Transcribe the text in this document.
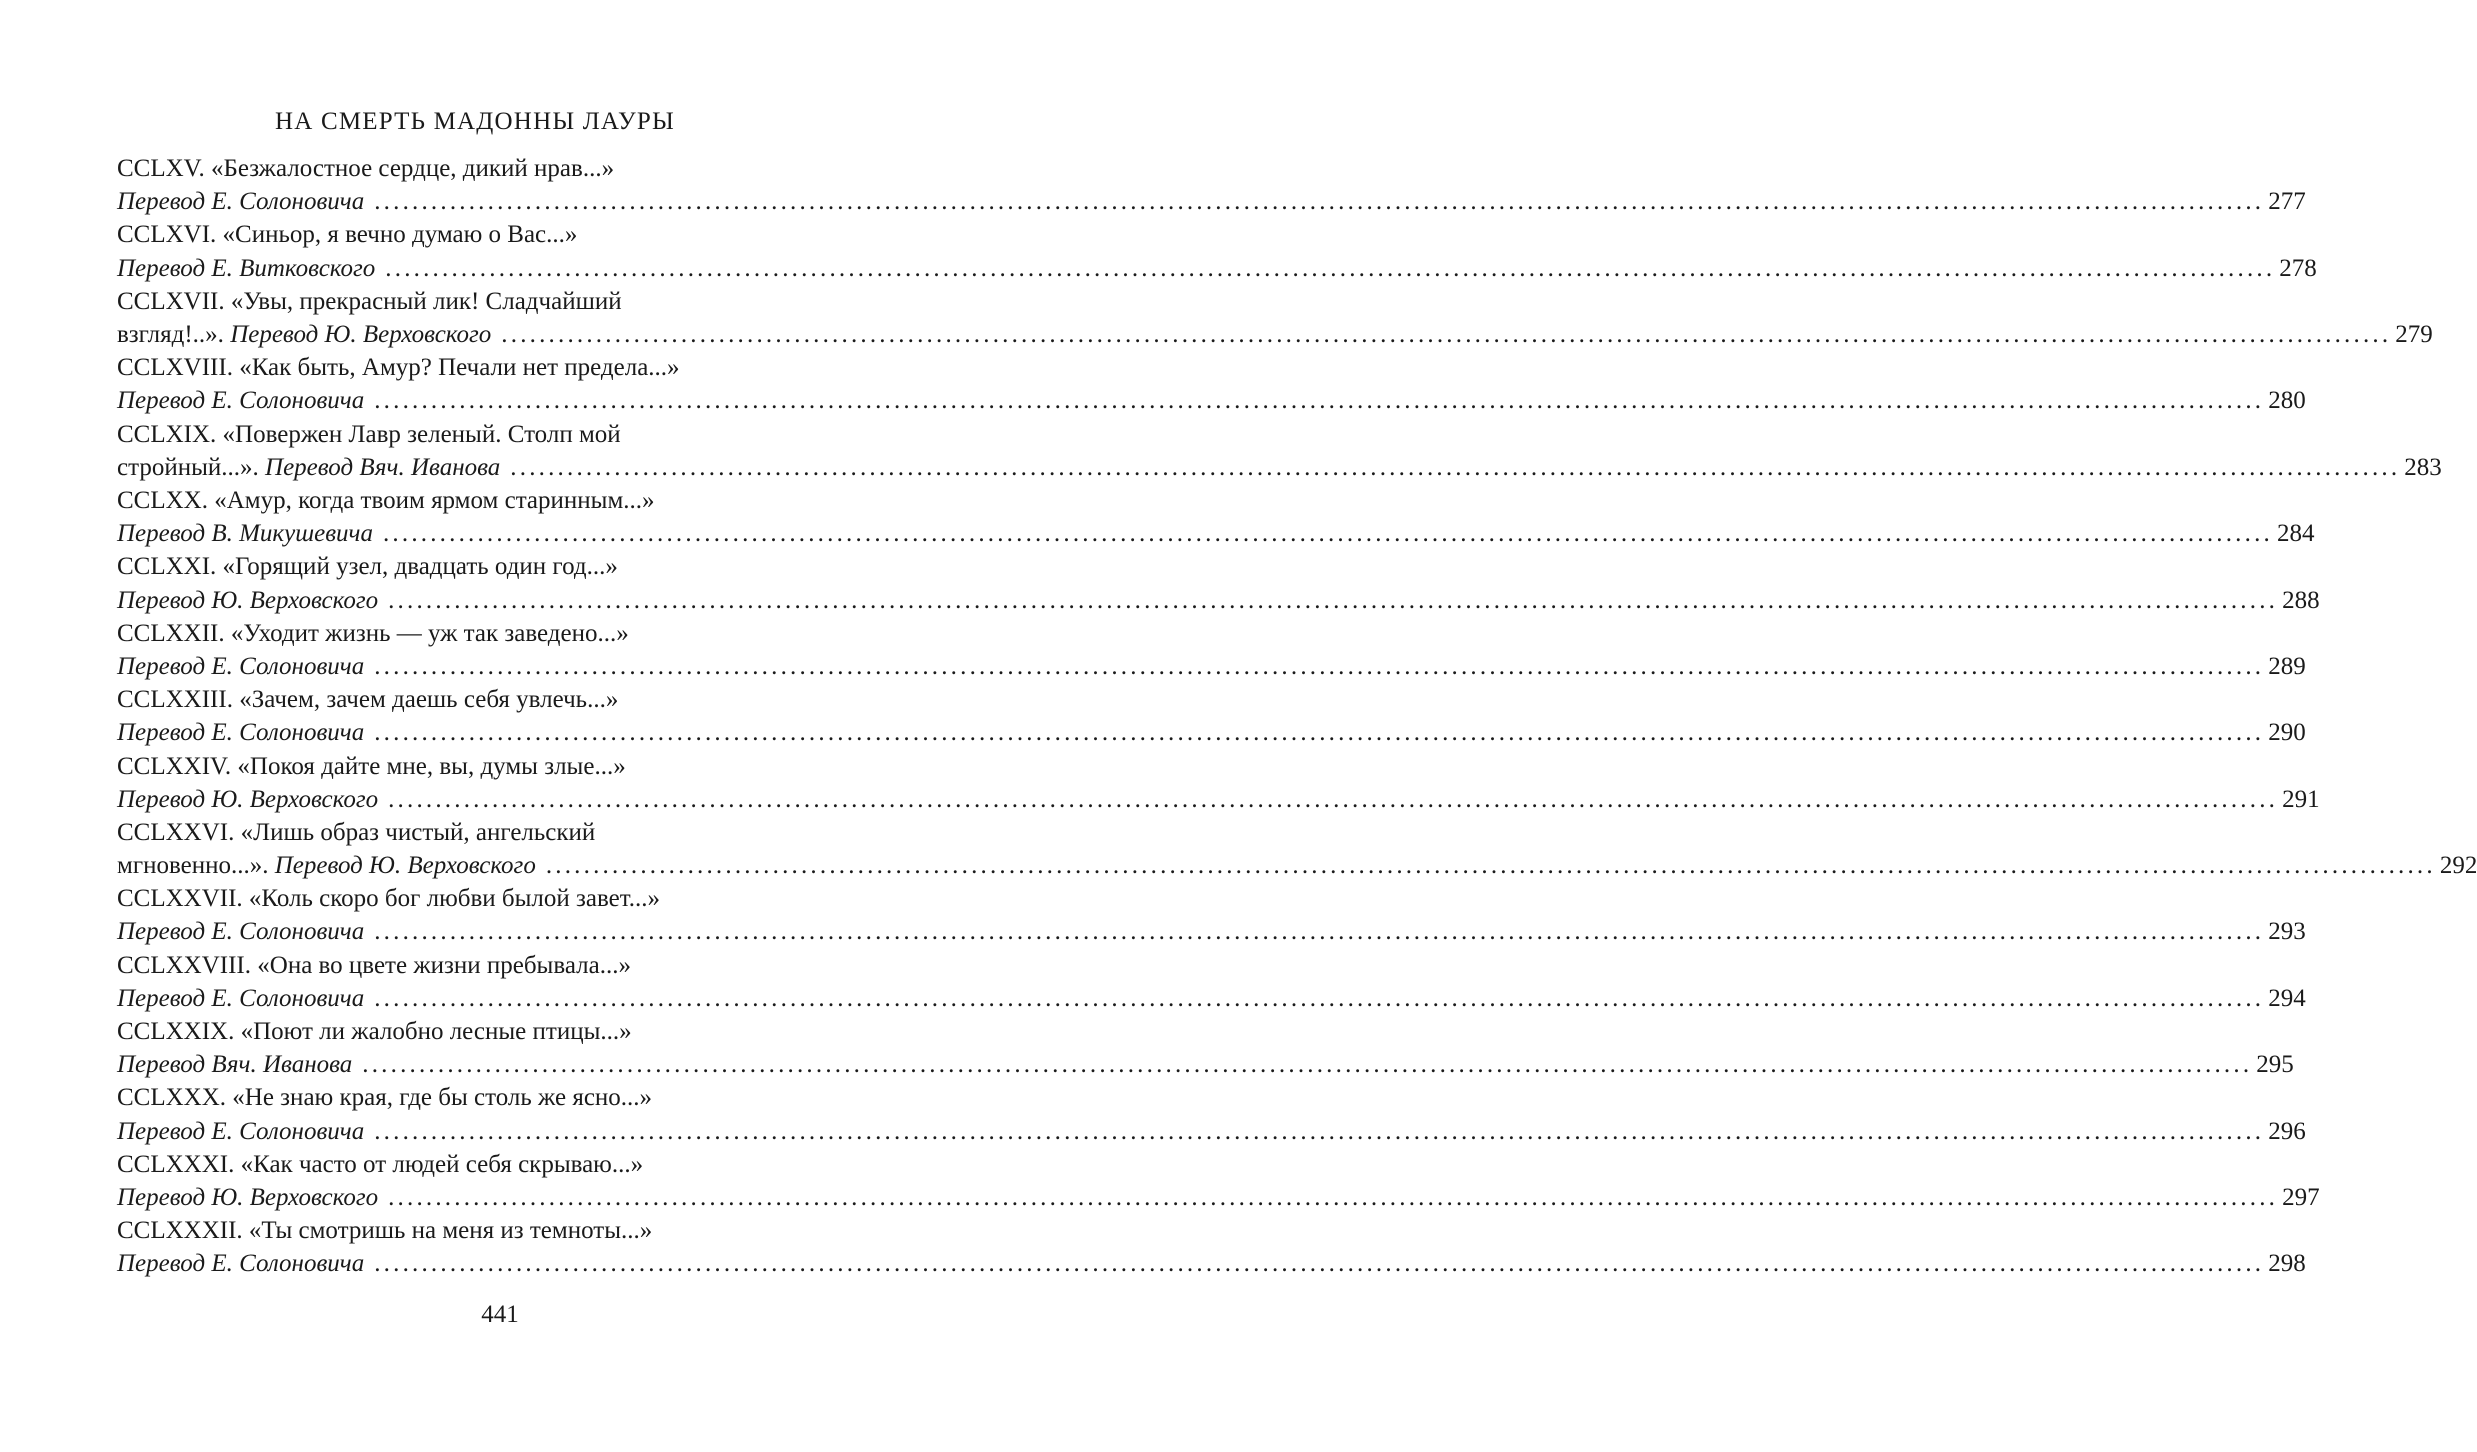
НА СМЕРТЬ МАДОННЫ ЛАУРЫ
CCLXV. «Безжалостное сердце, дикий нрав...»
Перевод Е. Солоновича ........................................................................................................................................................................................................ 277
CCLXVI. «Синьор, я вечно думаю о Вас...»
Перевод Е. Витковского ........................................................................................................................................................................................................ 278
CCLXVII. «Увы, прекрасный лик! Сладчайший
взгляд!..».
Перевод Ю. Верховского ........................................................................................................................................................................................................ 279
CCLXVIII. «Как быть, Амур? Печали нет предела...»
Перевод Е. Солоновича ........................................................................................................................................................................................................ 280
CCLXIX. «Повержен Лавр зеленый. Столп мой
стройный...».
Перевод Вяч. Иванова ........................................................................................................................................................................................................ 283
CCLXX. «Амур, когда твоим ярмом старинным...»
Перевод В. Микушевича ........................................................................................................................................................................................................ 284
CCLXXI. «Горящий узел, двадцать один год...»
Перевод Ю. Верховского ........................................................................................................................................................................................................ 288
CCLXXII. «Уходит жизнь — уж так заведено...»
Перевод Е. Солоновича ........................................................................................................................................................................................................ 289
CCLXXIII. «Зачем, зачем даешь себя увлечь...»
Перевод Е. Солоновича ........................................................................................................................................................................................................ 290
CCLXXIV. «Покоя дайте мне, вы, думы злые...»
Перевод Ю. Верховского ........................................................................................................................................................................................................ 291
CCLXXVI. «Лишь образ чистый, ангельский
мгновенно...».
Перевод Ю. Верховского ........................................................................................................................................................................................................ 292
CCLXXVII. «Коль скоро бог любви былой завет...»
Перевод Е. Солоновича ........................................................................................................................................................................................................ 293
CCLXXVIII. «Она во цвете жизни пребывала...»
Перевод Е. Солоновича ........................................................................................................................................................................................................ 294
CCLXXIX. «Поют ли жалобно лесные птицы...»
Перевод Вяч. Иванова ........................................................................................................................................................................................................ 295
CCLXXX. «Не знаю края, где бы столь же ясно...»
Перевод Е. Солоновича ........................................................................................................................................................................................................ 296
CCLXXXI. «Как часто от людей себя скрываю...»
Перевод Ю. Верховского ........................................................................................................................................................................................................ 297
CCLXXXII. «Ты смотришь на меня из темноты...»
Перевод Е. Солоновича ........................................................................................................................................................................................................ 298
441
